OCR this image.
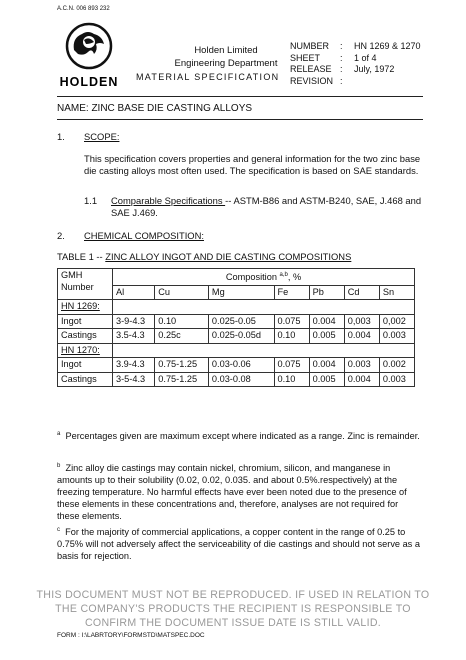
A.C.N. 006 893 232
HOLDEN
Holden Limited
Engineering Department
MATERIAL SPECIFICATION
NUMBER : HN 1269 & 1270
SHEET : 1 of 4
RELEASE : July, 1972
REVISION :
NAME: ZINC BASE DIE CASTING ALLOYS
1. SCOPE:
This specification covers properties and general information for the two zinc base die casting alloys most often used. The specification is based on SAE standards.
1.1 Comparable Specifications -- ASTM-B86 and ASTM-B240, SAE, J.468 and SAE J.469.
2. CHEMICAL COMPOSITION:
TABLE 1 -- ZINC ALLOY INGOT AND DIE CASTING COMPOSITIONS
GMH Number	Composition $^{a,b}$, %						
	Al	Cu	Mg	Fe	Pb	Cd	Sn
HN 1269:							
Ingot	3-9-4.3	0.10	0.025-0.05	0.075	0.004	0,003	0,002
Castings	3.5-4.3	0.25c	0.025-0.05d	0.10	0.005	0.004	0.003
HN 1270:							
Ingot	3.9-4.3	0.75-1.25	0.03-0.06	0.075	0.004	0.003	0.002
Castings	3-5-4.3	0.75-1.25	0.03-0.08	0.10	0.005	0.004	0.003
$^a$ Percentages given are maximum except where indicated as a range. Zinc is remainder.
$^b$ Zinc alloy die castings may contain nickel, chromium, silicon, and manganese in amounts up to their solubility (0.02, 0.02, 0.035. and about 0.5%.respectively) at the freezing temperature. No harmful effects have ever been noted due to the presence of these elements in these concentrations and, therefore, analyses are not required for these elements.
$^c$ For the majority of commercial applications, a copper content in the range of 0.25 to 0.75% will not adversely affect the serviceability of die castings and should not serve as a basis for rejection.
THIS DOCUMENT MUST NOT BE REPRODUCED. IF USED IN RELATION TO
THE COMPANY'S PRODUCTS THE RECIPIENT IS RESPONSIBLE TO
CONFIRM THE DOCUMENT ISSUE DATE IS STILL VALID.
FORM : I:\LABRTORY\FORMSTD\MATSPEC.DOC
